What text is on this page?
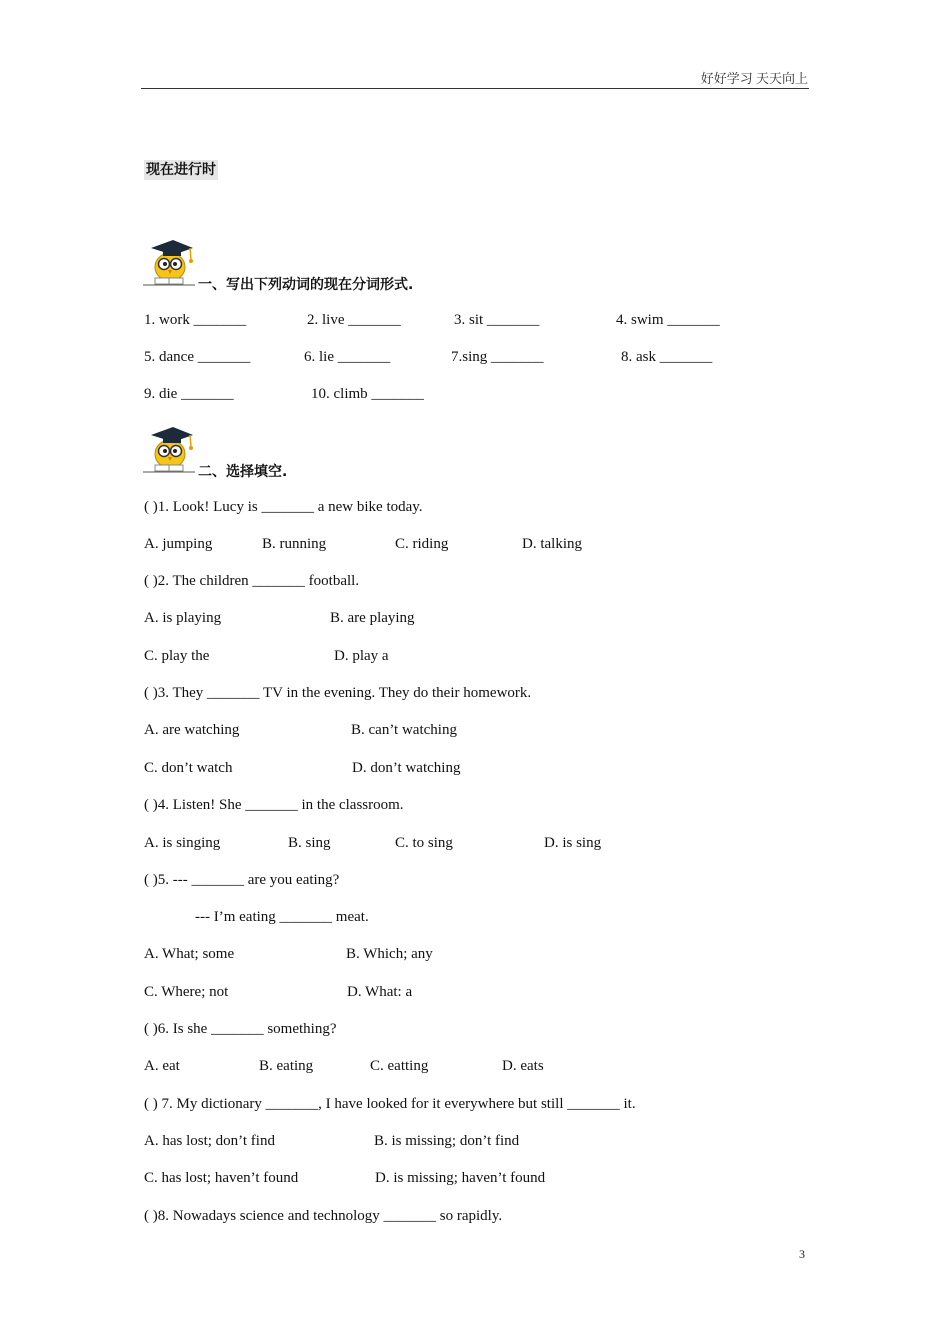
好好学习 天天向上
现在进行时
一、写出下列动词的现在分词形式.
1. work _______	2. live _______	3. sit _______	4. swim _______
5. dance _______	6. lie _______	7.sing _______	8. ask _______
9. die _______	10. climb _______
二、选择填空.
( )1. Look! Lucy is _______ a new bike today.
A. jumping	B. running	C. riding	D. talking
( )2. The children _______ football.
A. is playing	B. are playing
C. play the	D. play a
( )3. They _______ TV in the evening. They do their homework.
A. are watching	B. can’t watching
C. don’t watch	D. don’t watching
( )4. Listen! She _______ in the classroom.
A. is singing	B. sing	C. to sing	D. is sing
( )5. --- _______ are you eating?
--- I’m eating _______ meat.
A. What; some	B. Which; any
C. Where; not	D. What: a
( )6. Is she _______ something?
A. eat	B. eating	C. eatting	D. eats
( ) 7. My dictionary _______, I have looked for it everywhere but still _______ it.
A. has lost; don’t find	B. is missing; don’t find
C. has lost; haven’t found	D. is missing; haven’t found
( )8. Nowadays science and technology _______ so rapidly.
3
